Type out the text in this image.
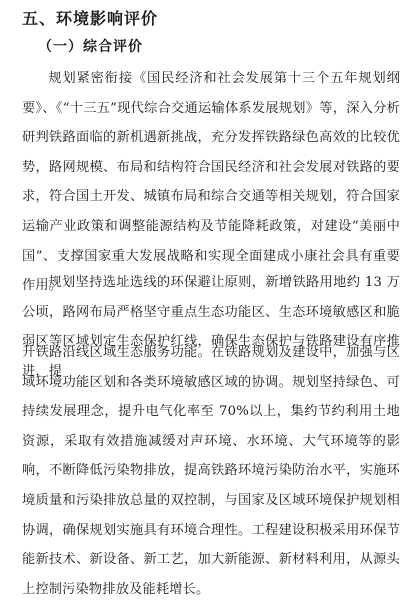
五、环境影响评价
（一）综合评价

规划紧密衔接《国民经济和社会发展第十三个五年规划纲要》、《“十三五”现代综合交通运输体系发展规划》等，深入分析研判铁路面临的新机遇新挑战，充分发挥铁路绿色高效的比较优势，路网规模、布局和结构符合国民经济和社会发展对铁路的要求，符合国土开发、城镇布局和综合交通等相关规划，符合国家运输产业政策和调整能源结构及节能降耗政策，对建设“美丽中国”、支撑国家重大发展战略和实现全面建成小康社会具有重要作用。

规划坚持选址选线的环保避让原则，新增铁路用地约 13 万公顷，路网布局严格坚守重点生态功能区、生态环境敏感区和脆弱区等区域划定生态保护红线，确保生态保护与铁路建设有序推进，提

升铁路沿线区域生态服务功能。在铁路规划及建设中，加强与区域环境功能区划和各类环境敏感区域的协调。规划坚持绿色、可持续发展理念，提升电气化率至 70%以上，集约节约利用土地资源，采取有效措施减缓对声环境、水环境、大气环境等的影响，不断降低污染物排放，提高铁路环境污染防治水平，实施环境质量和污染排放总量的双控制，与国家及区域环境保护规划相协调，确保规划实施具有环境合理性。工程建设积极采用环保节能新技术、新设备、新工艺，加大新能源、新材料利用，从源头上控制污染物排放及能耗增长。
